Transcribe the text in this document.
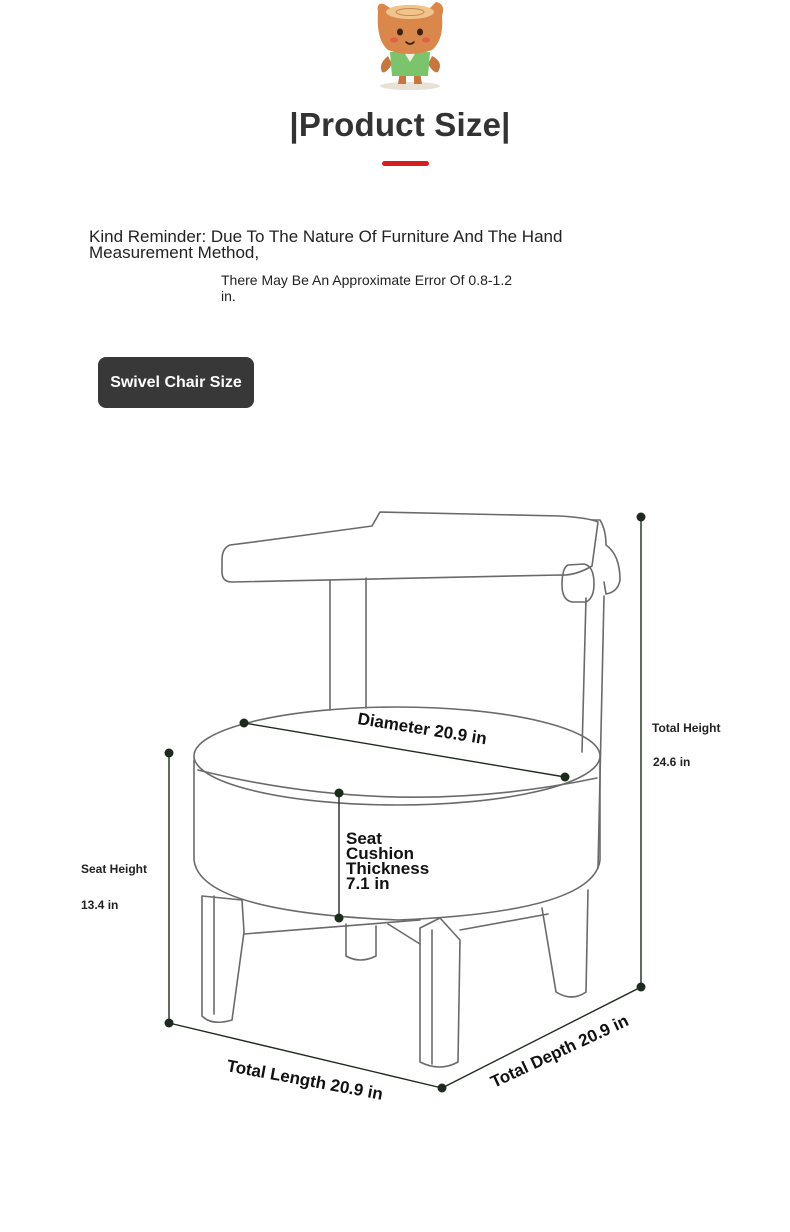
|Product Size|
Kind Reminder: Due To The Nature Of Furniture And The Hand Measurement Method,
There May Be An Approximate Error Of 0.8-1.2 in.
Swivel Chair Size
Diameter 20.9 in	Total Height
24.6 in
Seat Height
13.4 in
Seat
Cushion
Thickness
7.1 in
Total Length 20.9 in	Total Depth 20.9 in
